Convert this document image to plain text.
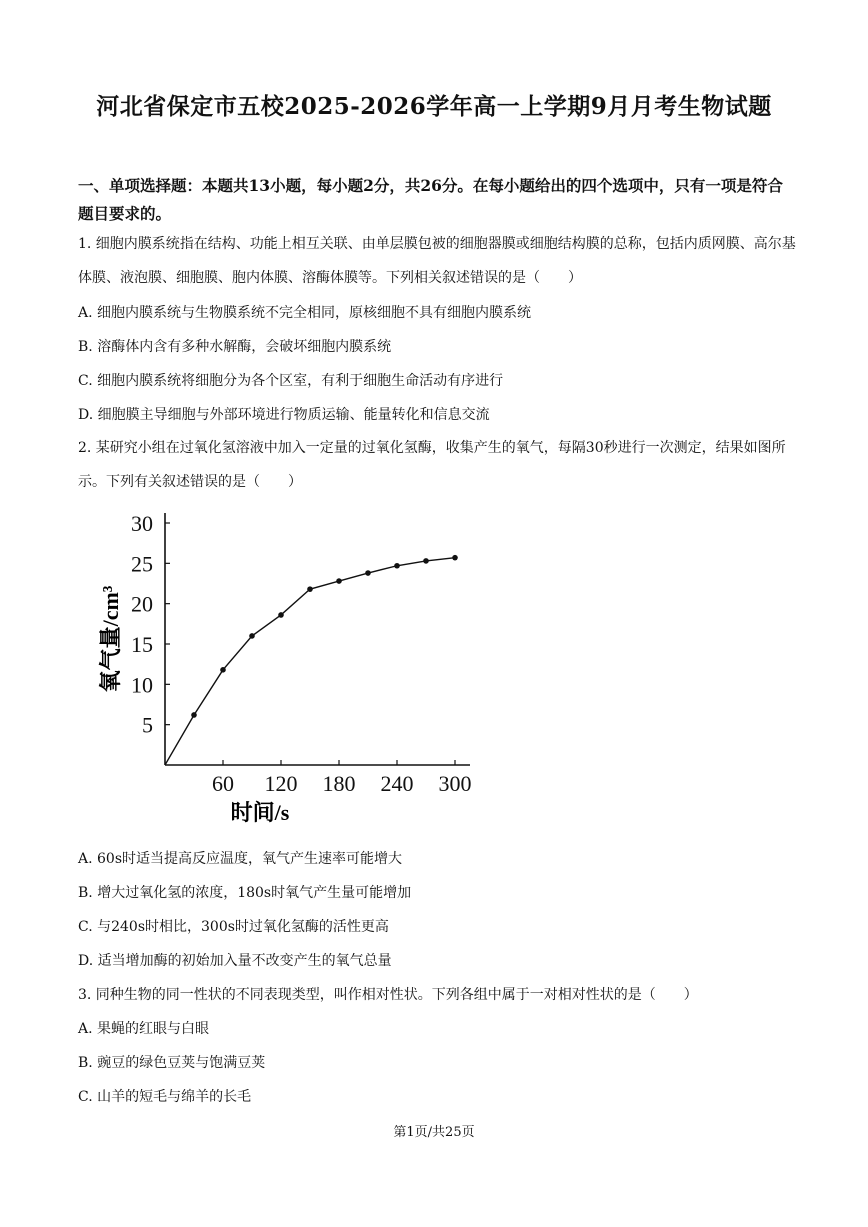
河北省保定市五校2025-2026学年高一上学期9月月考生物试题
一、单项选择题：本题共13小题，每小题2分，共26分。在每小题给出的四个选项中，只有一项是符合题目要求的。
1. 细胞内膜系统指在结构、功能上相互关联、由单层膜包被的细胞器膜或细胞结构膜的总称，包括内质网膜、高尔基体膜、液泡膜、细胞膜、胞内体膜、溶酶体膜等。下列相关叙述错误的是（　　）
A. 细胞内膜系统与生物膜系统不完全相同，原核细胞不具有细胞内膜系统
B. 溶酶体内含有多种水解酶，会破坏细胞内膜系统
C. 细胞内膜系统将细胞分为各个区室，有利于细胞生命活动有序进行
D. 细胞膜主导细胞与外部环境进行物质运输、能量转化和信息交流
2. 某研究小组在过氧化氢溶液中加入一定量的过氧化氢酶，收集产生的氧气，每隔30秒进行一次测定，结果如图所示。下列有关叙述错误的是（　　）
5
10
15
20
25
30
60 120 180 240 300
氧气量/cm³
时间/s
A. 60s时适当提高反应温度，氧气产生速率可能增大
B. 增大过氧化氢的浓度，180s时氧气产生量可能增加
C. 与240s时相比，300s时过氧化氢酶的活性更高
D. 适当增加酶的初始加入量不改变产生的氧气总量
3. 同种生物的同一性状的不同表现类型，叫作相对性状。下列各组中属于一对相对性状的是（　　）
A. 果蝇的红眼与白眼
B. 豌豆的绿色豆荚与饱满豆荚
C. 山羊的短毛与绵羊的长毛
第1页/共25页
